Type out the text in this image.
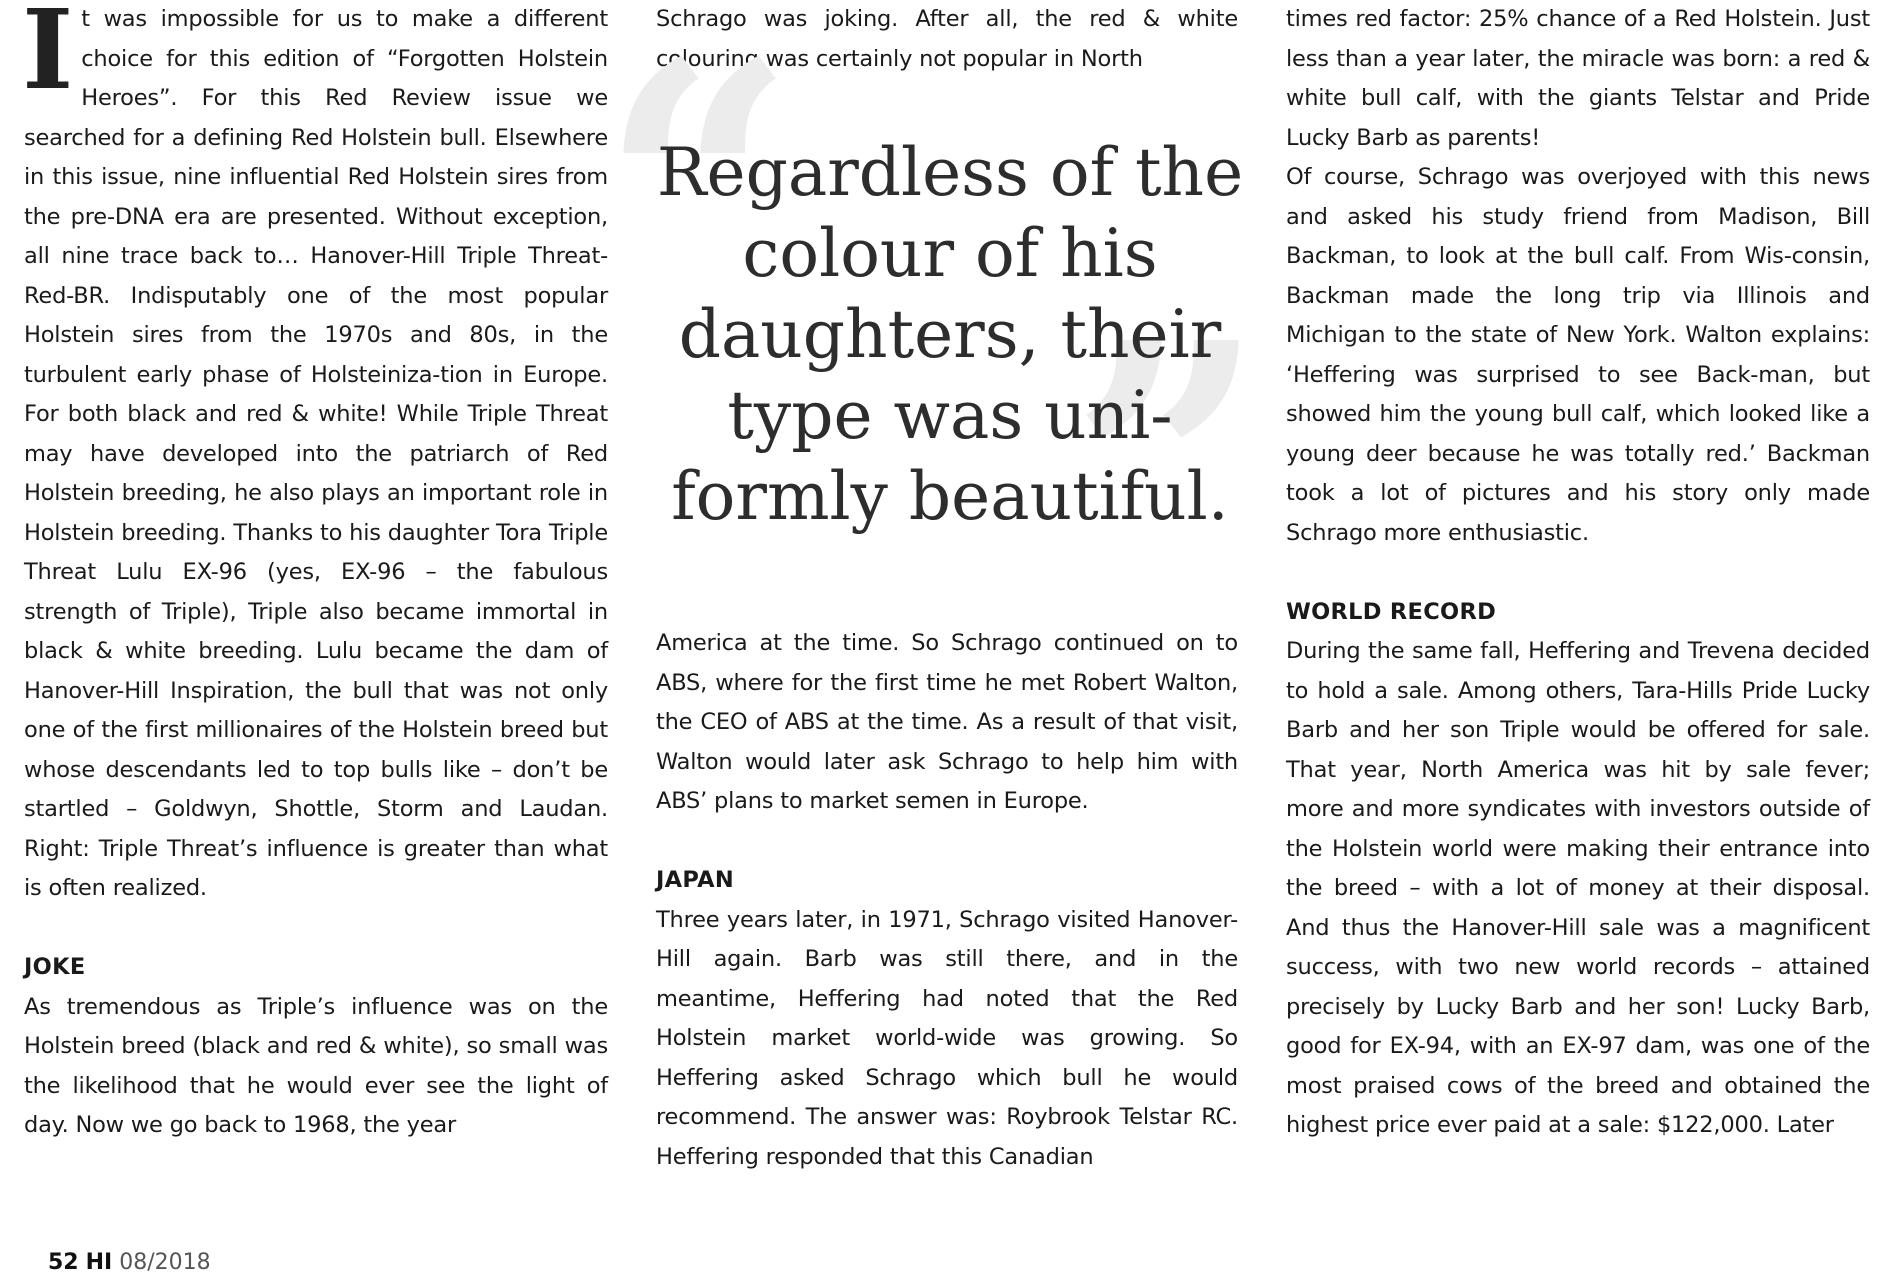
I t was impossible for us to make a different choice for this edition of “Forgotten Holstein Heroes”. For this Red Review issue we searched for a defining Red Holstein bull. Elsewhere in this issue, nine influential Red Holstein sires from the pre-DNA era are presented. Without exception, all nine trace back to… Hanover-Hill Triple Threat-Red-BR. Indisputably one of the most popular Holstein sires from the 1970s and 80s, in the turbulent early phase of Holsteiniza-tion in Europe. For both black and red & white! While Triple Threat may have developed into the patriarch of Red Holstein breeding, he also plays an important role in Holstein breeding. Thanks to his daughter Tora Triple Threat Lulu EX-96 (yes, EX-96 – the fabulous strength of Triple), Triple also became immortal in black & white breeding. Lulu became the dam of Hanover-Hill Inspiration, the bull that was not only one of the first millionaires of the Holstein breed but whose descendants led to top bulls like – don’t be startled – Goldwyn, Shottle, Storm and Laudan. Right: Triple Threat’s influence is greater than what is often realized.

JOKE

As tremendous as Triple’s influence was on the Holstein breed (black and red & white), so small was the likelihood that he would ever see the light of day. Now we go back to 1968, the year

Schrago was joking. After all, the red & white colouring was certainly not popular in North

“
”
Regardless of the colour of his daughters, their type was uni-formly beautiful.

America at the time. So Schrago continued on to ABS, where for the first time he met Robert Walton, the CEO of ABS at the time. As a result of that visit, Walton would later ask Schrago to help him with ABS’ plans to market semen in Europe.

JAPAN

Three years later, in 1971, Schrago visited Hanover-Hill again. Barb was still there, and in the meantime, Heffering had noted that the Red Holstein market world-wide was growing. So Heffering asked Schrago which bull he would recommend. The answer was: Roybrook Telstar RC. Heffering responded that this Canadian

times red factor: 25% chance of a Red Holstein. Just less than a year later, the miracle was born: a red & white bull calf, with the giants Telstar and Pride Lucky Barb as parents!

Of course, Schrago was overjoyed with this news and asked his study friend from Madison, Bill Backman, to look at the bull calf. From Wis-consin, Backman made the long trip via Illinois and Michigan to the state of New York. Walton explains: ‘Heffering was surprised to see Back-man, but showed him the young bull calf, which looked like a young deer because he was totally red.’ Backman took a lot of pictures and his story only made Schrago more enthusiastic.

WORLD RECORD

During the same fall, Heffering and Trevena decided to hold a sale. Among others, Tara-Hills Pride Lucky Barb and her son Triple would be offered for sale. That year, North America was hit by sale fever; more and more syndicates with investors outside of the Holstein world were making their entrance into the breed – with a lot of money at their disposal. And thus the Hanover-Hill sale was a magnificent success, with two new world records – attained precisely by Lucky Barb and her son! Lucky Barb, good for EX-94, with an EX-97 dam, was one of the most praised cows of the breed and obtained the highest price ever paid at a sale: $122,000. Later

52 HI 08/2018
